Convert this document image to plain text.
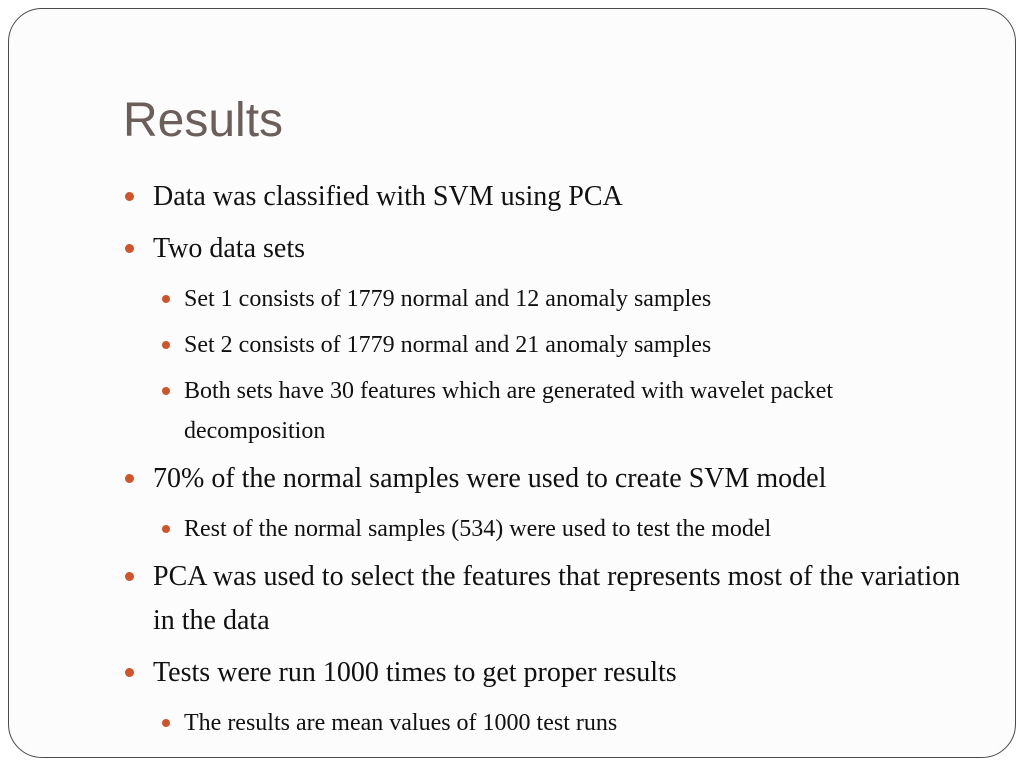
Results
Data was classified with SVM using PCA
Two data sets
Set 1 consists of 1779 normal and 12 anomaly samples
Set 2 consists of 1779 normal and 21 anomaly samples
Both sets have 30 features which are generated with wavelet packet decomposition
70% of the normal samples were used to create SVM model
Rest of the normal samples (534) were used to test the model
PCA was used to select the features that represents most of the variation in the data
Tests were run 1000 times to get proper results
The results are mean values of 1000 test runs
